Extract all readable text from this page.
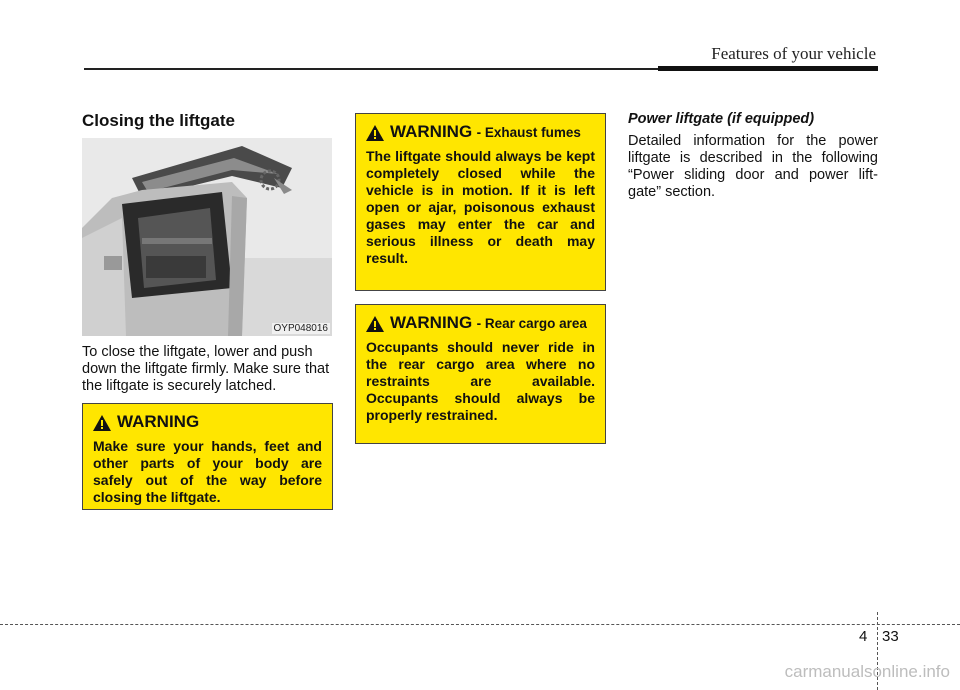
Features of your vehicle
Closing the liftgate
OYP048016
To close the liftgate, lower and push down the liftgate firmly. Make sure that the liftgate is securely latched.
WARNING
Make sure your hands, feet and other parts of your body are safely out of the way before closing the liftgate.
WARNING - Exhaust fumes
The liftgate should always be kept completely closed while the vehicle is in motion. If it is left open or ajar, poisonous exhaust gases may enter the car and serious illness or death may result.
WARNING - Rear cargo area
Occupants should never ride in the rear cargo area where no restraints are available. Occupants should always be properly restrained.
Power liftgate (if equipped)
Detailed information for the power liftgate is described in the following “Power sliding door and power lift-gate” section.
4 33
carmanualsonline.info
